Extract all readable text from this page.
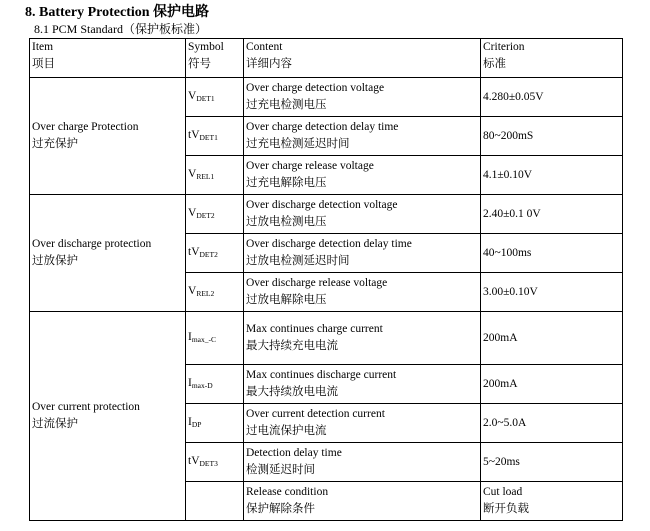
8. Battery Protection 保护电路
8.1 PCM Standard（保护板标准）
Item
项目	Symbol
符号	Content
详细内容	Criterion
标准

Over charge Protection
过充保护	$V_{DET1}$	Over charge detection voltage
过充电检测电压	4.280±0.05V
	$tV_{DET1}$	Over charge detection delay time
过充电检测延迟时间	80~200mS
	$V_{REL1}$	Over charge release voltage
过充电解除电压	4.1±0.10V

Over discharge protection
过放保护	$V_{DET2}$	Over discharge detection voltage
过放电检测电压	2.40±0.1 0V
	$tV_{DET2}$	Over discharge detection delay time
过放电检测延迟时间	40~100ms
	$V_{REL2}$	Over discharge release voltage
过放电解除电压	3.00±0.10V

Over current protection
过流保护	$I_{max\_-C}$	Max continues charge current
最大持续充电电流	200mA
	$I_{max-D}$	Max continues discharge current
最大持续放电电流	200mA
	$I_{DP}$	Over current detection current
过电流保护电流	2.0~5.0A
	$tV_{DET3}$	Detection delay time
检测延迟时间	5~20ms

		Release condition
保护解除条件	Cut load
断开负载
